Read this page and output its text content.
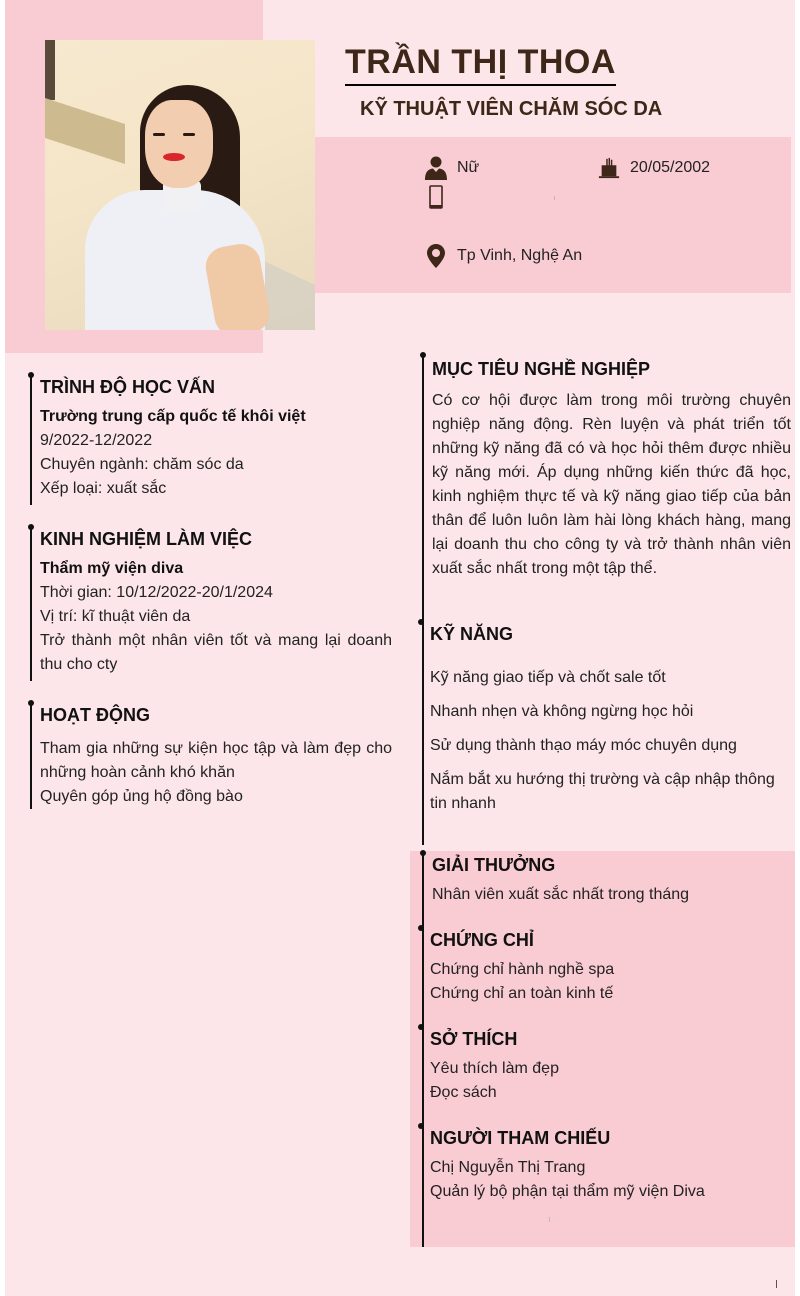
TRẦN THỊ THOA
KỸ THUẬT VIÊN CHĂM SÓC DA
Nữ	20/05/2002
Tp Vinh, Nghệ An
TRÌNH ĐỘ HỌC VẤN
Trường trung cấp quốc tế khôi việt
9/2022-12/2022
Chuyên ngành: chăm sóc da
Xếp loại: xuất sắc
KINH NGHIỆM LÀM VIỆC
Thẩm mỹ viện diva
Thời gian: 10/12/2022-20/1/2024
Vị trí: kĩ thuật viên da
Trở thành một nhân viên tốt và mang lại doanh thu cho cty
HOẠT ĐỘNG
Tham gia những sự kiện học tập và làm đẹp cho những hoàn cảnh khó khăn
Quyên góp ủng hộ đồng bào
MỤC TIÊU NGHỀ NGHIỆP
Có cơ hội được làm trong môi trường chuyên nghiệp năng động. Rèn luyện và phát triển tốt những kỹ năng đã có và học hỏi thêm được nhiều kỹ năng mới. Áp dụng những kiến thức đã học, kinh nghiệm thực tế và kỹ năng giao tiếp của bản thân để luôn luôn làm hài lòng khách hàng, mang lại doanh thu cho công ty và trở thành nhân viên xuất sắc nhất trong một tập thể.
KỸ NĂNG
Kỹ năng giao tiếp và chốt sale tốt
Nhanh nhẹn và không ngừng học hỏi
Sử dụng thành thạo máy móc chuyên dụng
Nắm bắt xu hướng thị trường và cập nhập thông tin nhanh
GIẢI THƯỞNG
Nhân viên xuất sắc nhất trong tháng
CHỨNG CHỈ
Chứng chỉ hành nghề spa
Chứng chỉ an toàn kinh tế
SỞ THÍCH
Yêu thích làm đẹp
Đọc sách
NGƯỜI THAM CHIẾU
Chị Nguyễn Thị Trang
Quản lý bộ phận tại thẩm mỹ viện Diva
